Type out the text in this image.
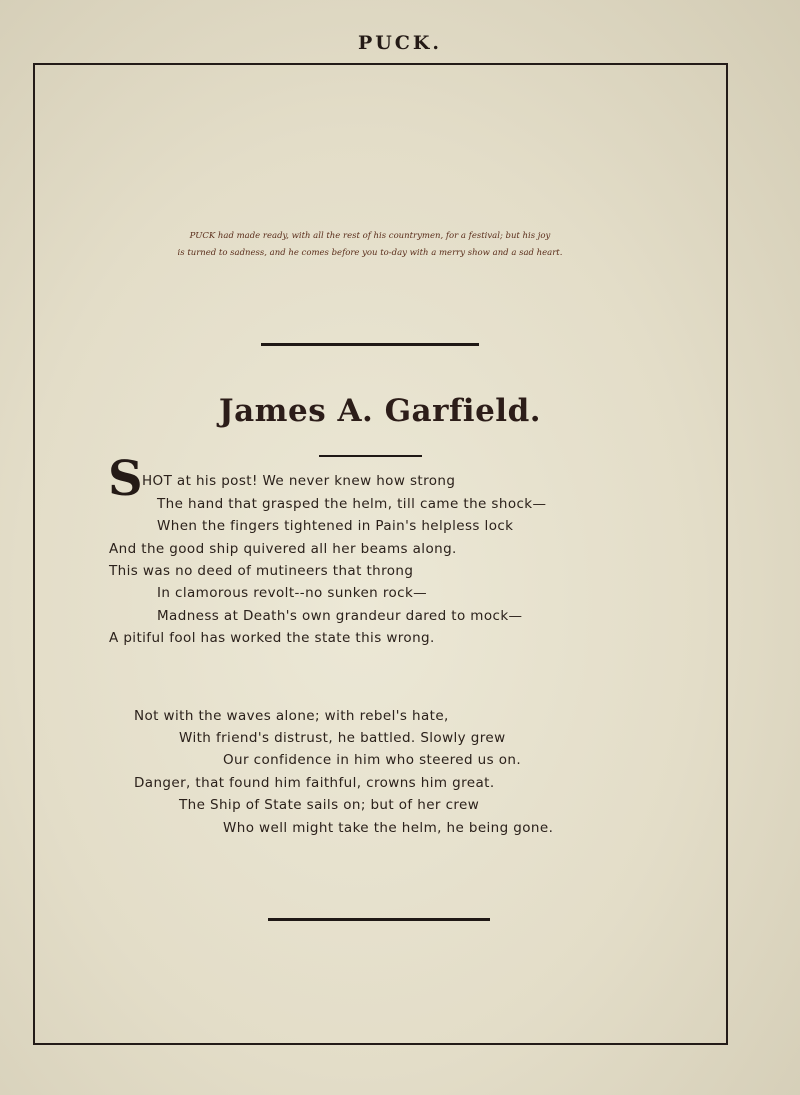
PUCK.
PUCK had made ready, with all the rest of his countrymen, for a festival; but his joy
is turned to sadness, and he comes before you to-day with a merry show and a sad heart.
James A. Garfield.
S HOT at his post! We never knew how strong
The hand that grasped the helm, till came the shock—
When the fingers tightened in Pain's helpless lock
And the good ship quivered all her beams along.
This was no deed of mutineers that throng
In clamorous revolt--no sunken rock—
Madness at Death's own grandeur dared to mock—
A pitiful fool has worked the state this wrong.
Not with the waves alone; with rebel's hate,
With friend's distrust, he battled. Slowly grew
Our confidence in him who steered us on.
Danger, that found him faithful, crowns him great.
The Ship of State sails on; but of her crew
Who well might take the helm, he being gone.
